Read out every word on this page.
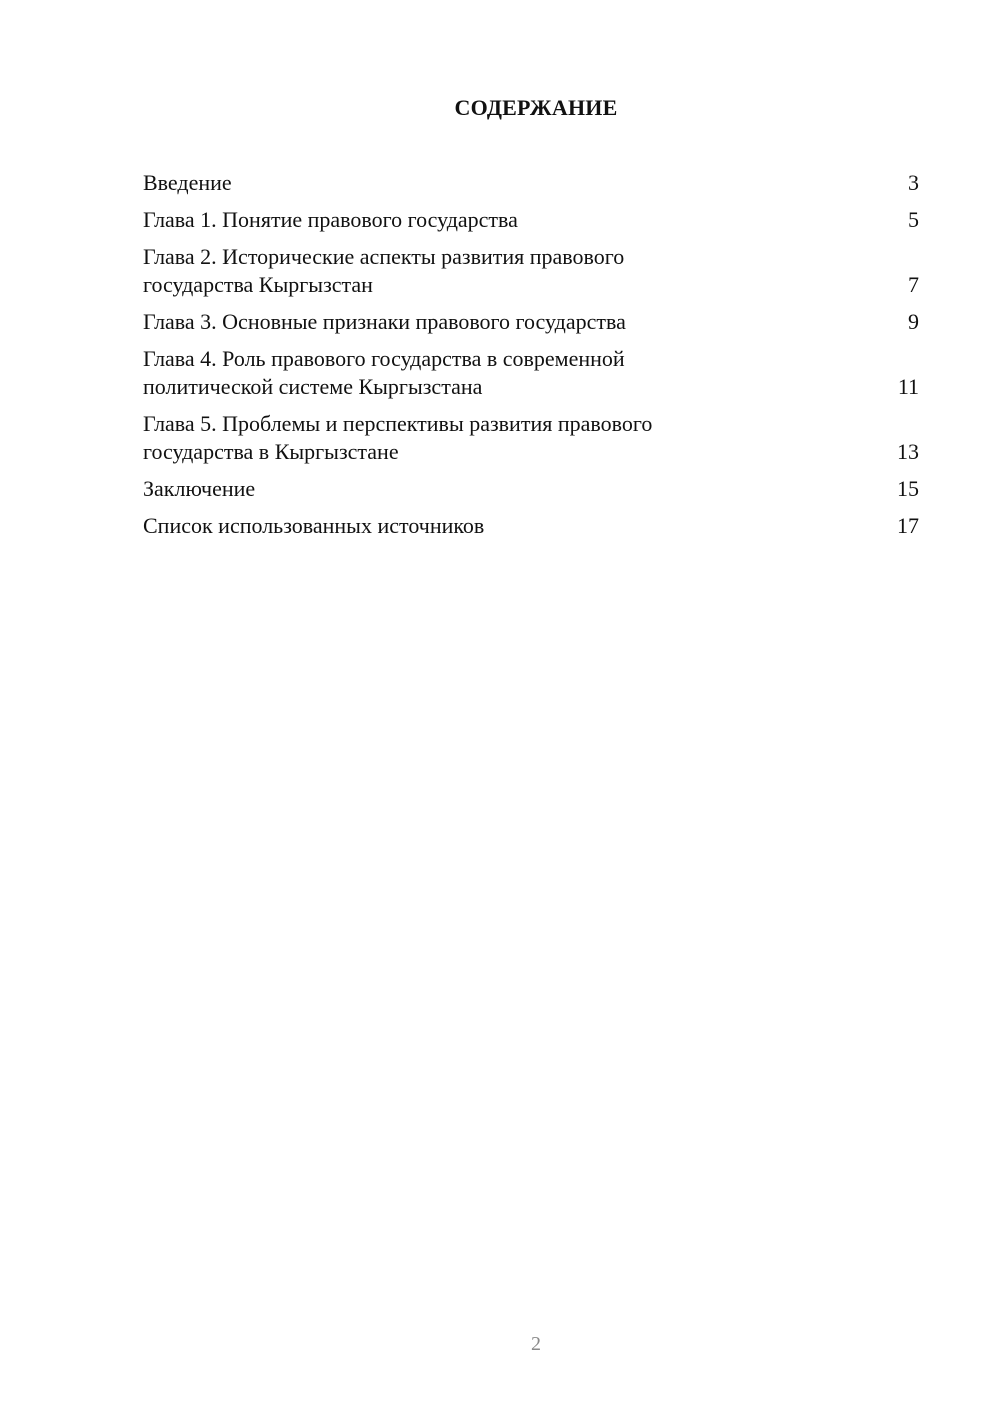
СОДЕРЖАНИЕ
Введение	3
Глава 1. Понятие правового государства	5
Глава 2. Исторические аспекты развития правового
государства Кыргызстан	7
Глава 3. Основные признаки правового государства	9
Глава 4. Роль правового государства в современной
политической системе Кыргызстана	11
Глава 5. Проблемы и перспективы развития правового
государства в Кыргызстане	13
Заключение	15
Список использованных источников	17
2
